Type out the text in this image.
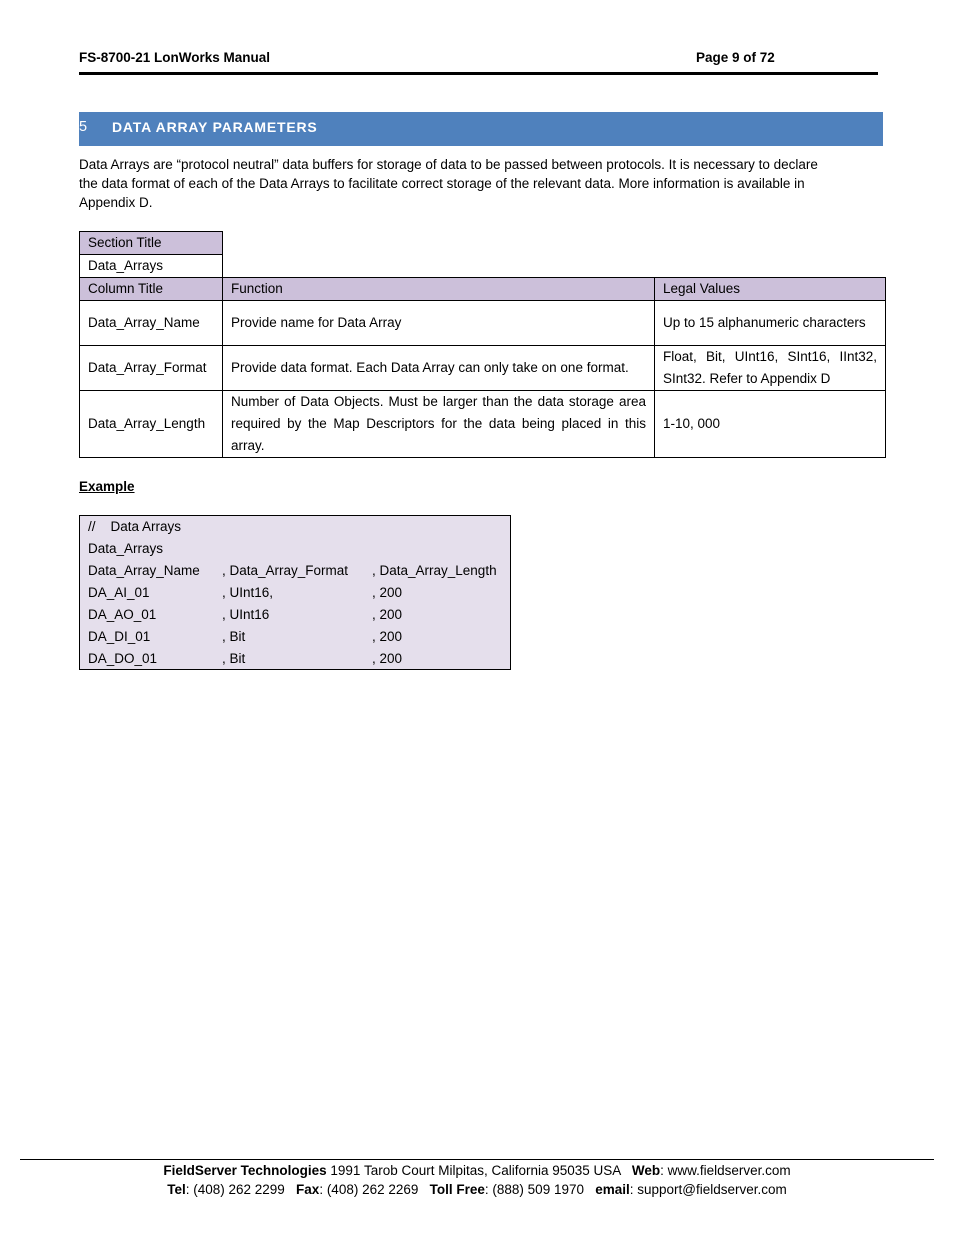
FS-8700-21 LonWorks Manual	Page 9 of 72
5 DATA ARRAY PARAMETERS

Data Arrays are “protocol neutral” data buffers for storage of data to be passed between protocols. It is necessary to declare

the data format of each of the Data Arrays to facilitate correct storage of the relevant data. More information is available in

Appendix D.

Section Title		
Data_Arrays		
Column Title	Function	Legal Values
Data_Array_Name	Provide name for Data Array	Up to 15 alphanumeric characters
Data_Array_Format	Provide data format. Each Data Array can only take on one format.	Float, Bit, UInt16, SInt16, IInt32, SInt32. Refer to Appendix D
Data_Array_Length	Number of Data Objects. Must be larger than the data storage area required by the Map Descriptors for the data being placed in this array.	1-10, 000
Example
//    Data Arrays
Data_Arrays
Data_Array_Name , Data_Array_Format , Data_Array_Length
DA_AI_01	, UInt16,	, 200
DA_AO_01	, UInt16	, 200
DA_DI_01	, Bit	, 200
DA_DO_01	, Bit	, 200
FieldServer Technologies 1991 Tarob Court Milpitas, California 95035 USA   Web: www.fieldserver.com
Tel: (408) 262 2299   Fax: (408) 262 2269   Toll Free: (888) 509 1970   email: support@fieldserver.com
